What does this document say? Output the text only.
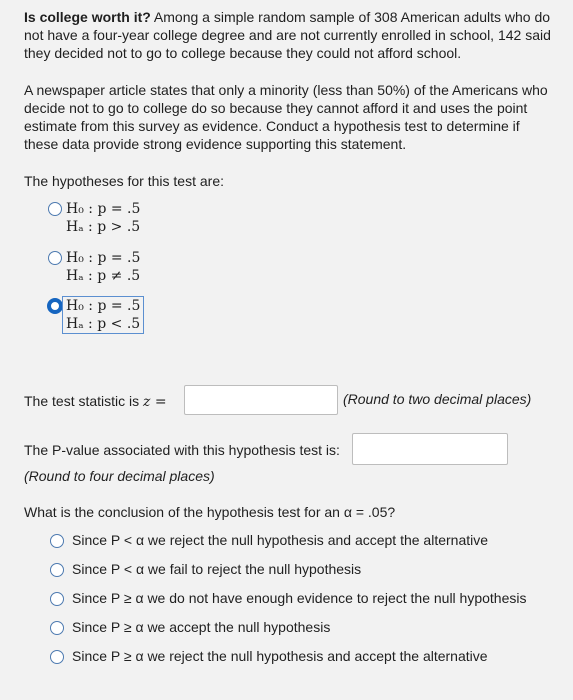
Is college worth it? Among a simple random sample of 308 American adults who do not have a four-year college degree and are not currently enrolled in school, 142 said they decided not to go to college because they could not afford school.
A newspaper article states that only a minority (less than 50%) of the Americans who decide not to go to college do so because they cannot afford it and uses the point estimate from this survey as evidence. Conduct a hypothesis test to determine if these data provide strong evidence supporting this statement.
The hypotheses for this test are:
H₀ : p = .5
Hₐ : p > .5
H₀ : p = .5
Hₐ : p ≠ .5
H₀ : p = .5
Hₐ : p < .5
The test statistic is z =	(Round to two decimal places)
The P-value associated with this hypothesis test is:
(Round to four decimal places)
What is the conclusion of the hypothesis test for an α = .05?
Since P < α we reject the null hypothesis and accept the alternative
Since P < α we fail to reject the null hypothesis
Since P ≥ α we do not have enough evidence to reject the null hypothesis
Since P ≥ α we accept the null hypothesis
Since P ≥ α we reject the null hypothesis and accept the alternative
